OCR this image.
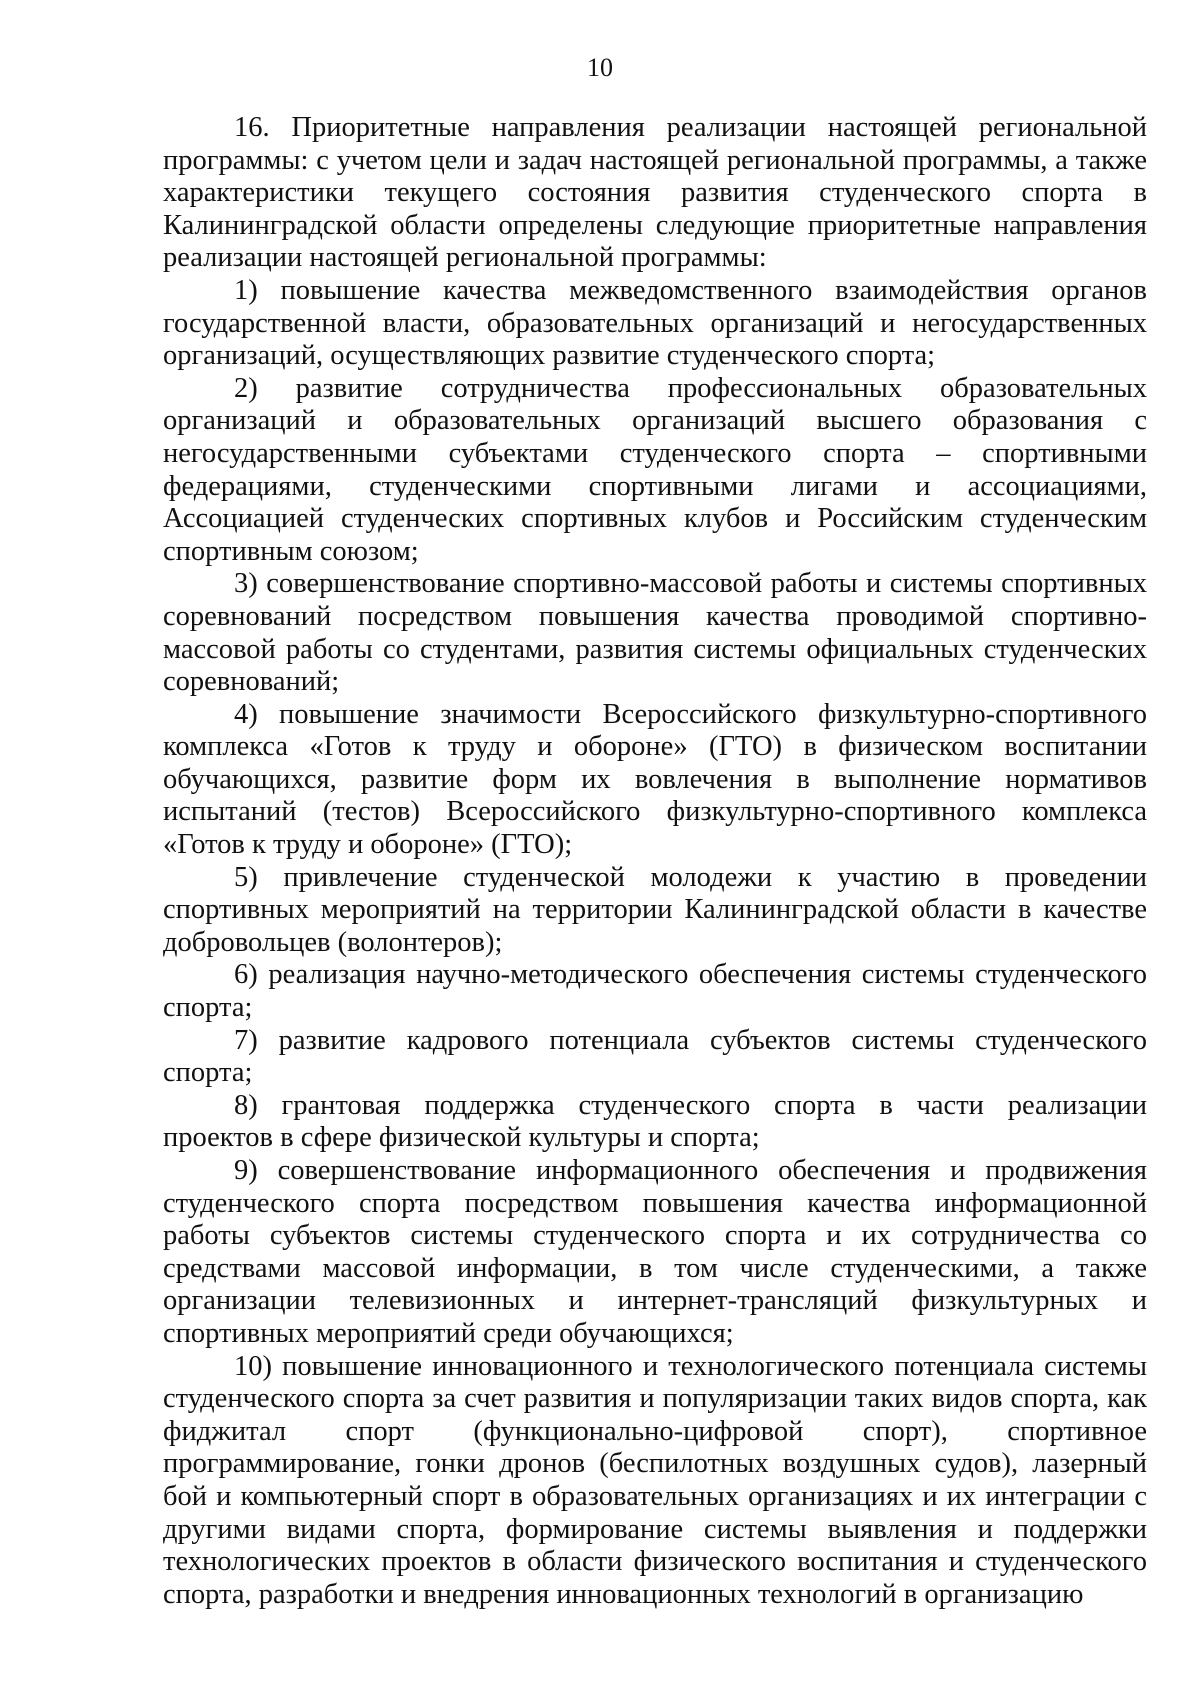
10

16. Приоритетные направления реализации настоящей региональной программы: с учетом цели и задач настоящей региональной программы, а также характеристики текущего состояния развития студенческого спорта в Калининградской области определены следующие приоритетные направления реализации настоящей региональной программы:

1) повышение качества межведомственного взаимодействия органов государственной власти, образовательных организаций и негосударственных организаций, осуществляющих развитие студенческого спорта;

2) развитие сотрудничества профессиональных образовательных организаций и образовательных организаций высшего образования с негосударственными субъектами студенческого спорта – спортивными федерациями, студенческими спортивными лигами и ассоциациями, Ассоциацией студенческих спортивных клубов и Российским студенческим спортивным союзом;

3) совершенствование спортивно-массовой работы и системы спортивных соревнований посредством повышения качества проводимой спортивно-массовой работы со студентами, развития системы официальных студенческих соревнований;

4) повышение значимости Всероссийского физкультурно-спортивного комплекса «Готов к труду и обороне» (ГТО) в физическом воспитании обучающихся, развитие форм их вовлечения в выполнение нормативов испытаний (тестов) Всероссийского физкультурно-спортивного комплекса «Готов к труду и обороне» (ГТО);

5) привлечение студенческой молодежи к участию в проведении спортивных мероприятий на территории Калининградской области в качестве добровольцев (волонтеров);

6) реализация научно-методического обеспечения системы студенческого спорта;

7) развитие кадрового потенциала субъектов системы студенческого спорта;

8) грантовая поддержка студенческого спорта в части реализации проектов в сфере физической культуры и спорта;

9) совершенствование информационного обеспечения и продвижения студенческого спорта посредством повышения качества информационной работы субъектов системы студенческого спорта и их сотрудничества со средствами массовой информации, в том числе студенческими, а также организации телевизионных и интернет-трансляций физкультурных и спортивных мероприятий среди обучающихся;

10) повышение инновационного и технологического потенциала системы студенческого спорта за счет развития и популяризации таких видов спорта, как фиджитал спорт (функционально-цифровой спорт), спортивное программирование, гонки дронов (беспилотных воздушных судов), лазерный бой и компьютерный спорт в образовательных организациях и их интеграции с другими видами спорта, формирование системы выявления и поддержки технологических проектов в области физического воспитания и студенческого спорта, разработки и внедрения инновационных технологий в организацию
